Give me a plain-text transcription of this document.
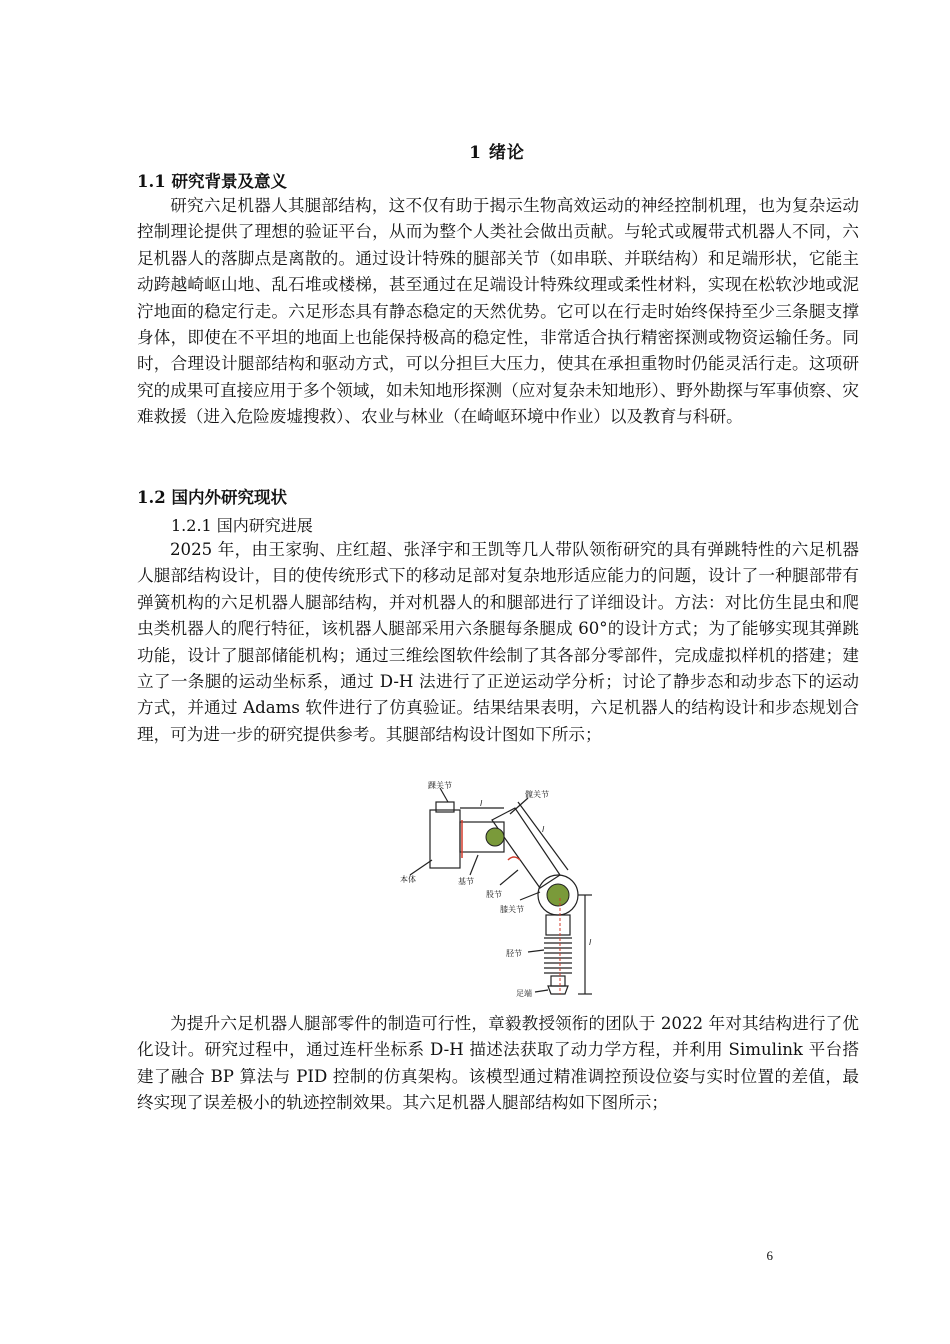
1 绪论
1.1 研究背景及意义

研究六足机器人其腿部结构，这不仅有助于揭示生物高效运动的神经控制机理，也为复杂运动控制理论提供了理想的验证平台，从而为整个人类社会做出贡献。与轮式或履带式机器人不同，六足机器人的落脚点是离散的。通过设计特殊的腿部关节（如串联、并联结构）和足端形状，它能主动跨越崎岖山地、乱石堆或楼梯，甚至通过在足端设计特殊纹理或柔性材料，实现在松软沙地或泥泞地面的稳定行走。六足形态具有静态稳定的天然优势。它可以在行走时始终保持至少三条腿支撑身体，即使在不平坦的地面上也能保持极高的稳定性，非常适合执行精密探测或物资运输任务。同时，合理设计腿部结构和驱动方式，可以分担巨大压力，使其在承担重物时仍能灵活行走。这项研究的成果可直接应用于多个领域，如未知地形探测（应对复杂未知地形）、野外勘探与军事侦察、灾难救援（进入危险废墟搜救）、农业与林业（在崎岖环境中作业）以及教育与科研。

1.2 国内外研究现状
1.2.1 国内研究进展

2025 年，由王家驹、庄红超、张泽宇和王凯等几人带队领衔研究的具有弹跳特性的六足机器人腿部结构设计，目的使传统形式下的移动足部对复杂地形适应能力的问题，设计了一种腿部带有弹簧机构的六足机器人腿部结构，并对机器人的和腿部进行了详细设计。方法：对比仿生昆虫和爬虫类机器人的爬行特征，该机器人腿部采用六条腿每条腿成 60°的设计方式；为了能够实现其弹跳功能，设计了腿部储能机构；通过三维绘图软件绘制了其各部分零部件，完成虚拟样机的搭建；建立了一条腿的运动坐标系，通过 D-H 法进行了正逆运动学分析；讨论了静步态和动步态下的运动方式，并通过 Adams 软件进行了仿真验证。结果结果表明，六足机器人的结构设计和步态规划合理，可为进一步的研究提供参考。其腿部结构设计图如下所示；

踝关节
髋关节
本体	基节
股节
膝关节
胫节
足端
l
l
l

为提升六足机器人腿部零件的制造可行性，章毅教授领衔的团队于 2022 年对其结构进行了优化设计。研究过程中，通过连杆坐标系 D-H 描述法获取了动力学方程，并利用 Simulink 平台搭建了融合 BP 算法与 PID 控制的仿真架构。该模型通过精准调控预设位姿与实时位置的差值，最终实现了误差极小的轨迹控制效果。其六足机器人腿部结构如下图所示；

6
